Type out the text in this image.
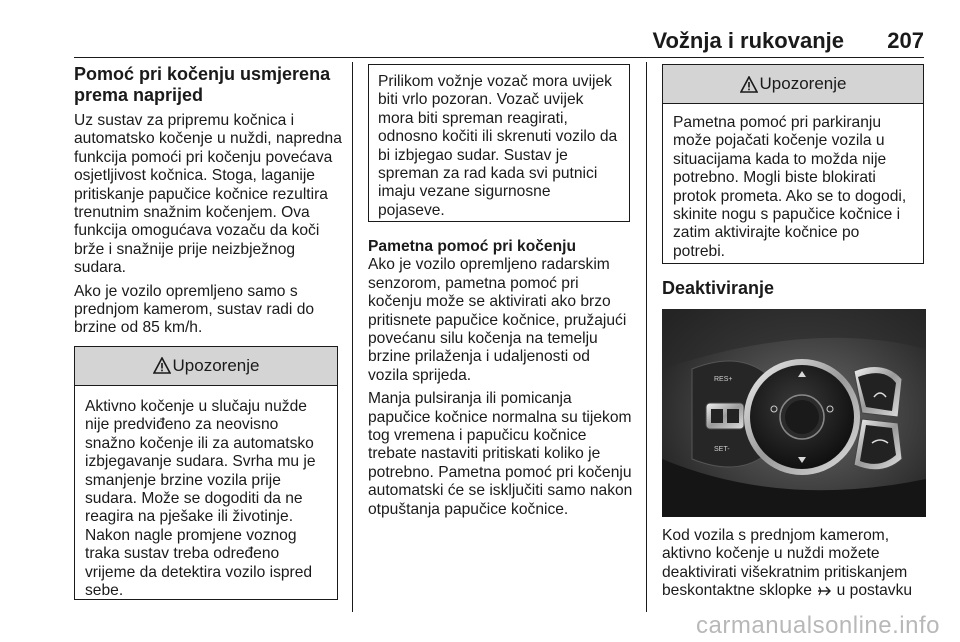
Vožnja i rukovanje 207
Pomoć pri kočenju usmjerena prema naprijed

Uz sustav za pripremu kočnica i automatsko kočenje u nuždi, napredna funkcija pomoći pri kočenju povećava osjetljivost kočnica. Stoga, laganije pritiskanje papučice kočnice rezultira trenutnim snažnim kočenjem. Ova funkcija omogućava vozaču da koči brže i snažnije prije neizbježnog sudara.

Ako je vozilo opremljeno samo s prednjom kamerom, sustav radi do brzine od 85 km/h.

Upozorenje
Aktivno kočenje u slučaju nužde nije predviđeno za neovisno snažno kočenje ili za automatsko izbjegavanje sudara. Svrha mu je smanjenje brzine vozila prije sudara. Može se dogoditi da ne reagira na pješake ili životinje. Nakon nagle promjene voznog traka sustav treba određeno vrijeme da detektira vozilo ispred sebe.
Prilikom vožnje vozač mora uvijek biti vrlo pozoran. Vozač uvijek mora biti spreman reagirati, odnosno kočiti ili skrenuti vozilo da bi izbjegao sudar. Sustav je spreman za rad kada svi putnici imaju vezane sigurnosne pojaseve.
Pametna pomoć pri kočenju

Ako je vozilo opremljeno radarskim senzorom, pametna pomoć pri kočenju može se aktivirati ako brzo pritisnete papučice kočnice, pružajući povećanu silu kočenja na temelju brzine prilaženja i udaljenosti od vozila sprijeda.

Manja pulsiranja ili pomicanja papučice kočnice normalna su tijekom tog vremena i papučicu kočnice trebate nastaviti pritiskati koliko je potrebno. Pametna pomoć pri kočenju automatski će se isključiti samo nakon otpuštanja papučice kočnice.

Upozorenje
Pametna pomoć pri parkiranju može pojačati kočenje vozila u situacijama kada to možda nije potrebno. Mogli biste blokirati protok prometa. Ako se to dogodi, skinite nogu s papučice kočnice i zatim aktivirajte kočnice po potrebi.
Deaktiviranje
RES+
SET-

Kod vozila s prednjom kamerom, aktivno kočenje u nuždi možete deaktivirati višekratnim pritiskanjem beskontaktne sklopke u postavku

carmanualsonline.info
